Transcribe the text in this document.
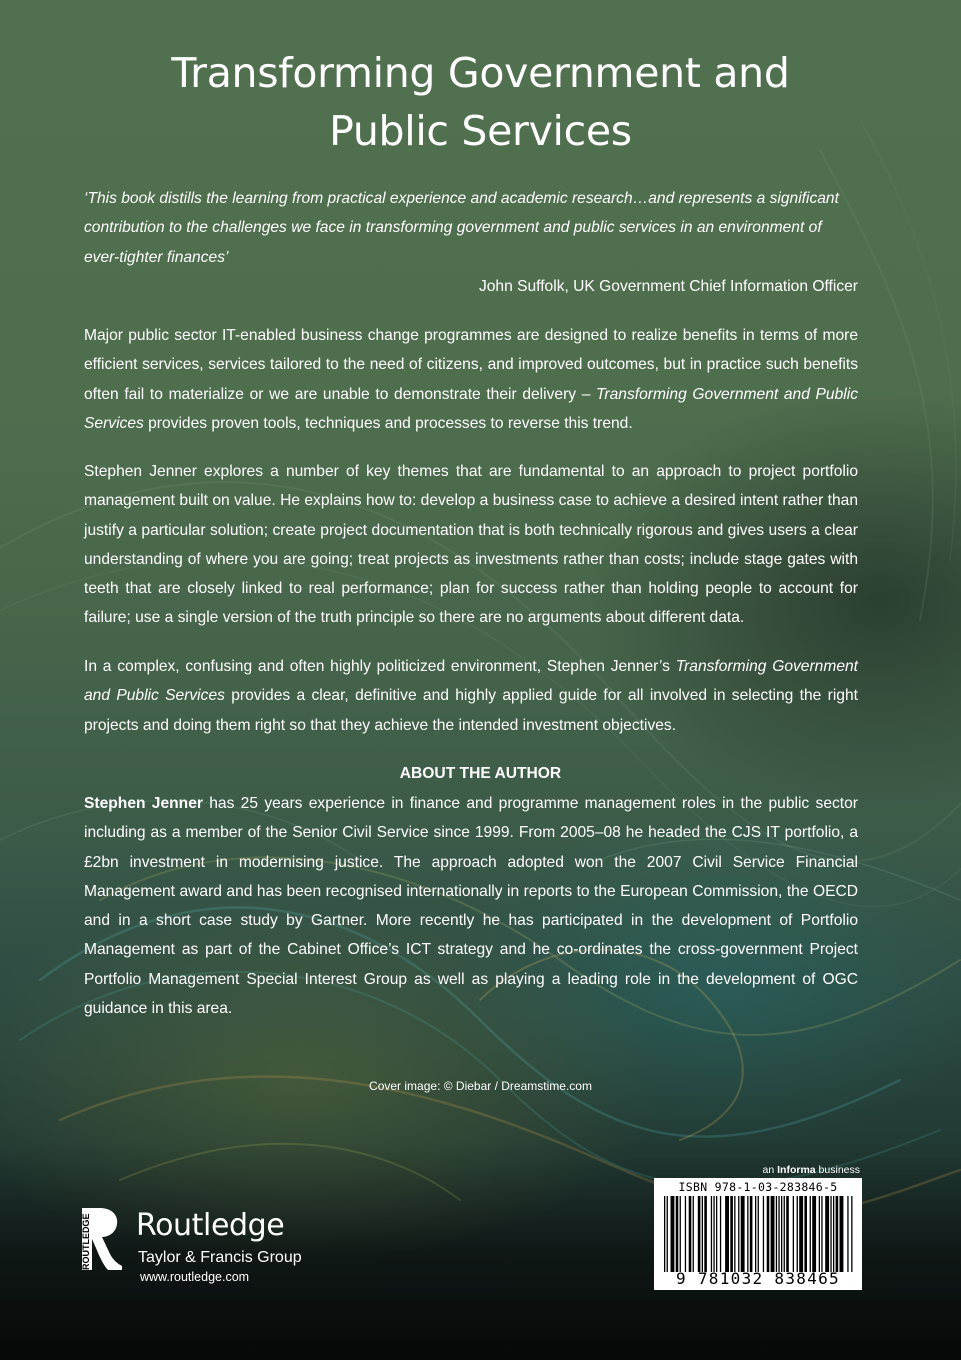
Transforming Government and
Public Services

‘This book distills the learning from practical experience and academic research…and represents a significant contribution to the challenges we face in transforming government and public services in an environment of ever-tighter finances’

John Suffolk, UK Government Chief Information Officer

Major public sector IT-enabled business change programmes are designed to realize benefits in terms of more efficient services, services tailored to the need of citizens, and improved outcomes, but in practice such benefits often fail to materialize or we are unable to demonstrate their delivery – Transforming Government and Public Services provides proven tools, techniques and processes to reverse this trend.

Stephen Jenner explores a number of key themes that are fundamental to an approach to project portfolio management built on value. He explains how to: develop a business case to achieve a desired intent rather than justify a particular solution; create project documentation that is both technically rigorous and gives users a clear understanding of where you are going; treat projects as investments rather than costs; include stage gates with teeth that are closely linked to real performance; plan for success rather than holding people to account for failure; use a single version of the truth principle so there are no arguments about different data.

In a complex, confusing and often highly politicized environment, Stephen Jenner’s Transforming Government and Public Services provides a clear, definitive and highly applied guide for all involved in selecting the right projects and doing them right so that they achieve the intended investment objectives.

ABOUT THE AUTHOR

Stephen Jenner has 25 years experience in finance and programme management roles in the public sector including as a member of the Senior Civil Service since 1999. From 2005–08 he headed the CJS IT portfolio, a £2bn investment in modernising justice. The approach adopted won the 2007 Civil Service Financial Management award and has been recognised internationally in reports to the European Commission, the OECD and in a short case study by Gartner. More recently he has participated in the development of Portfolio Management as part of the Cabinet Office’s ICT strategy and he co-ordinates the cross-government Project Portfolio Management Special Interest Group as well as playing a leading role in the development of OGC guidance in this area.

Cover image: © Diebar / Dreamstime.com
ROUTLEDGE Routledge
Taylor & Francis Group
www.routledge.com
an Informa business
ISBN 978-1-03-283846-5
9 781032 838465
